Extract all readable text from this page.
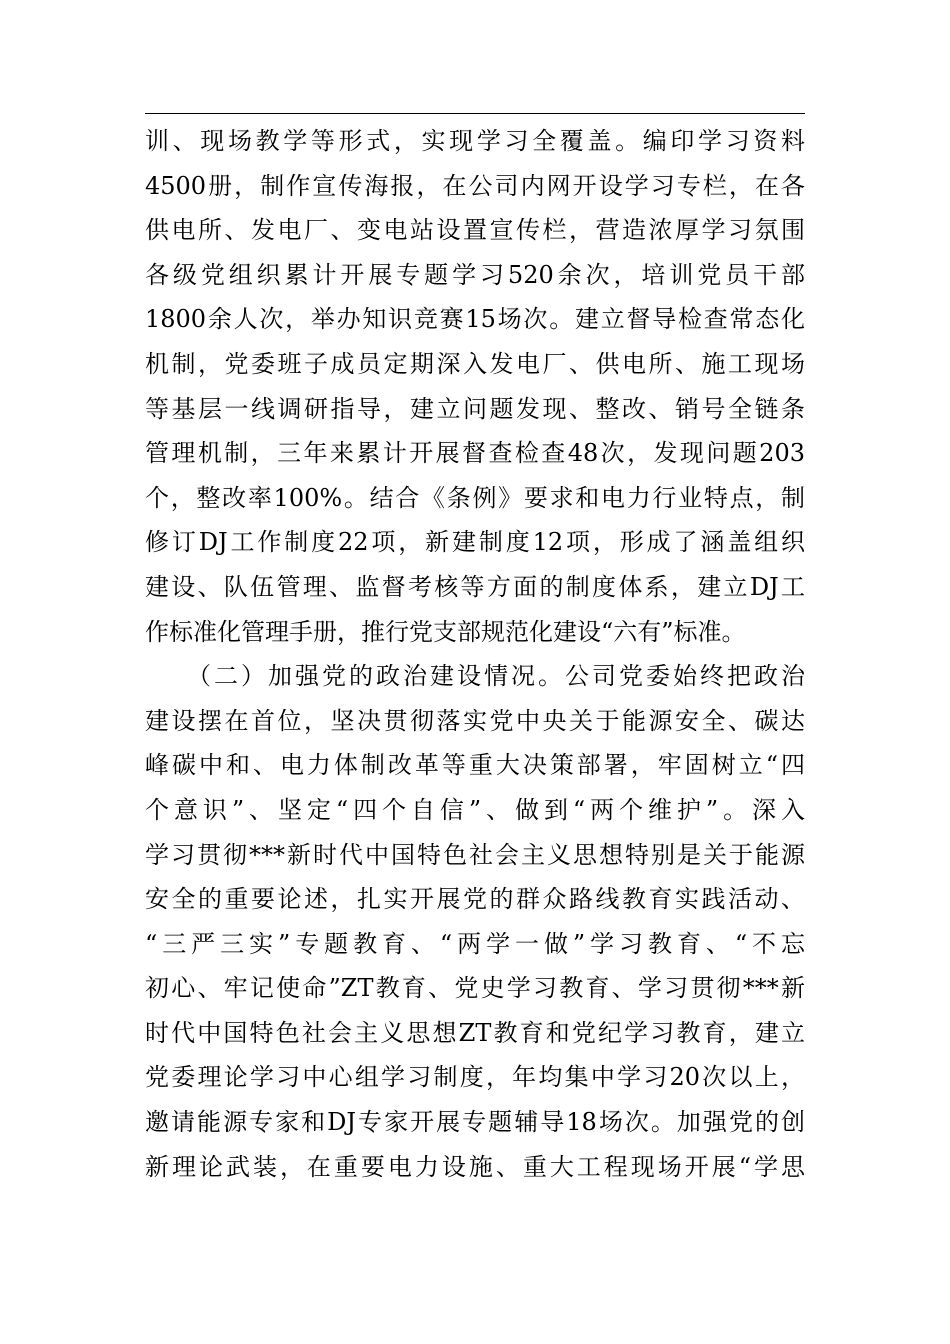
训、现场教学等形式，实现学习全覆盖。编印学习资料
4500册，制作宣传海报，在公司内网开设学习专栏，在各
供电所、发电厂、变电站设置宣传栏，营造浓厚学习氛围
各级党组织累计开展专题学习520余次，培训党员干部
1800余人次，举办知识竞赛15场次。建立督导检查常态化
机制，党委班子成员定期深入发电厂、供电所、施工现场
等基层一线调研指导，建立问题发现、整改、销号全链条
管理机制，三年来累计开展督查检查48次，发现问题203
个，整改率100%。结合《条例》要求和电力行业特点，制
修订DJ工作制度22项，新建制度12项，形成了涵盖组织
建设、队伍管理、监督考核等方面的制度体系，建立DJ工
作标准化管理手册，推行党支部规范化建设“六有”标准。
　　（二）加强党的政治建设情况。公司党委始终把政治
建设摆在首位，坚决贯彻落实党中央关于能源安全、碳达
峰碳中和、电力体制改革等重大决策部署，牢固树立“四
个意识”、坚定“四个自信”、做到“两个维护”。深入
学习贯彻***新时代中国特色社会主义思想特别是关于能源
安全的重要论述，扎实开展党的群众路线教育实践活动、
“三严三实”专题教育、“两学一做”学习教育、“不忘
初心、牢记使命”ZT教育、党史学习教育、学习贯彻***新
时代中国特色社会主义思想ZT教育和党纪学习教育，建立
党委理论学习中心组学习制度，年均集中学习20次以上，
邀请能源专家和DJ专家开展专题辅导18场次。加强党的创
新理论武装，在重要电力设施、重大工程现场开展“学思
